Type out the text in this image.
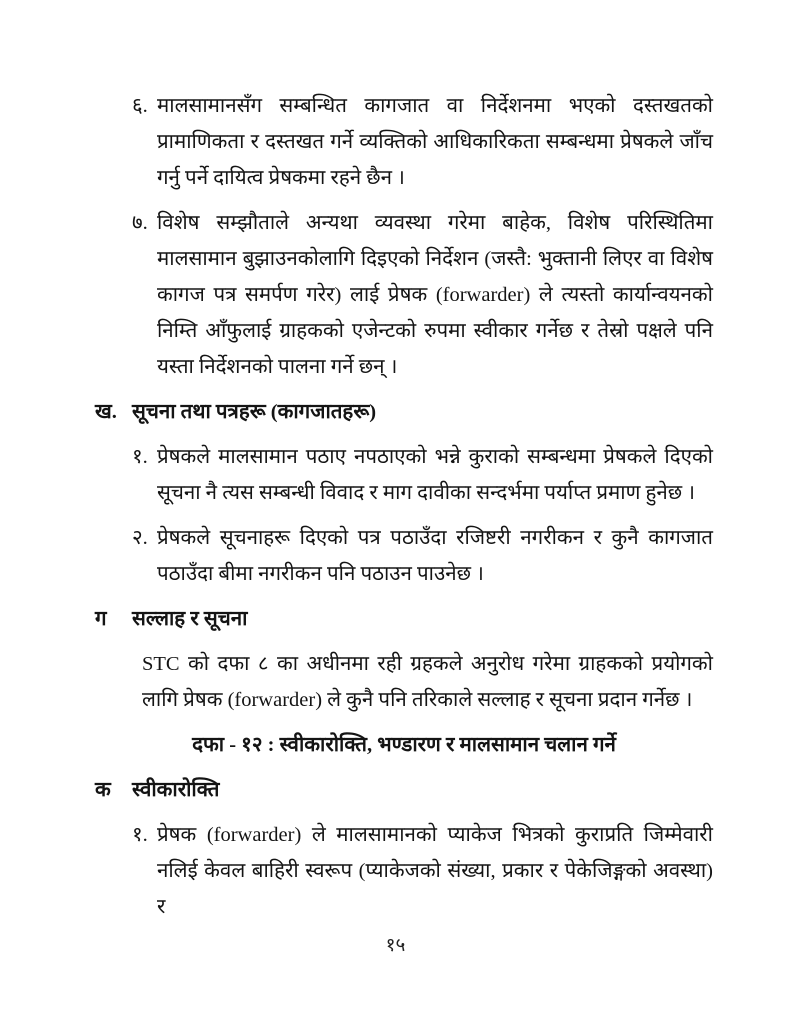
६. मालसामानसँग सम्बन्धित कागजात वा निर्देशनमा भएको दस्तखतको प्रामाणिकता र दस्तखत गर्ने व्यक्तिको आधिकारिकता सम्बन्धमा प्रेषकले जाँच गर्नु पर्ने दायित्व प्रेषकमा रहने छैन ।
७. विशेष सम्झौताले अन्यथा व्यवस्था गरेमा बाहेक, विशेष परिस्थितिमा मालसामान बुझाउनकोलागि दिइएको निर्देशन (जस्तै: भुक्तानी लिएर वा विशेष कागज पत्र समर्पण गरेर) लाई प्रेषक (forwarder) ले त्यस्तो कार्यान्वयनको निम्ति आँफुलाई ग्राहकको एजेन्टको रुपमा स्वीकार गर्नेछ र तेस्रो पक्षले पनि यस्ता निर्देशनको पालना गर्ने छन् ।
ख. सूचना तथा पत्रहरू (कागजातहरू)
१. प्रेषकले मालसामान पठाए नपठाएको भन्ने कुराको सम्बन्धमा प्रेषकले दिएको सूचना नै त्यस सम्बन्धी विवाद र माग दावीका सन्दर्भमा पर्याप्त प्रमाण हुनेछ ।
२. प्रेषकले सूचनाहरू दिएको पत्र पठाउँदा रजिष्टरी नगरीकन र कुनै कागजात पठाउँदा बीमा नगरीकन पनि पठाउन पाउनेछ ।
ग	सल्लाह र सूचना
STC को दफा ८ का अधीनमा रही ग्रहकले अनुरोध गरेमा ग्राहकको प्रयोगको लागि प्रेषक (forwarder) ले कुनै पनि तरिकाले सल्लाह र सूचना प्रदान गर्नेछ ।
दफा - १२ : स्वीकारोक्ति, भण्डारण र मालसामान चलान गर्ने
क	स्वीकारोक्ति
१. प्रेषक (forwarder) ले मालसामानको प्याकेज भित्रको कुराप्रति जिम्मेवारी नलिई केवल बाहिरी स्वरूप (प्याकेजको संख्या, प्रकार र पेकेजिङ्गको अवस्था) र
१५
